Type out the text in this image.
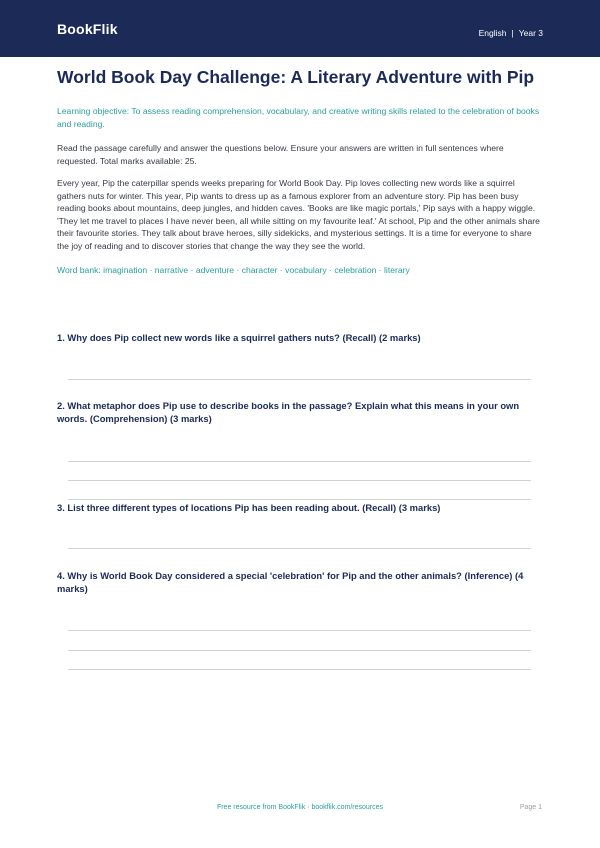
BookFlik	English | Year 3
World Book Day Challenge: A Literary Adventure with Pip

Learning objective: To assess reading comprehension, vocabulary, and creative writing skills related to the celebration of books and reading.

Read the passage carefully and answer the questions below. Ensure your answers are written in full sentences where requested. Total marks available: 25.

Every year, Pip the caterpillar spends weeks preparing for World Book Day. Pip loves collecting new words like a squirrel gathers nuts for winter. This year, Pip wants to dress up as a famous explorer from an adventure story. Pip has been busy reading books about mountains, deep jungles, and hidden caves. 'Books are like magic portals,' Pip says with a happy wiggle. 'They let me travel to places I have never been, all while sitting on my favourite leaf.' At school, Pip and the other animals share their favourite stories. They talk about brave heroes, silly sidekicks, and mysterious settings. It is a time for everyone to share the joy of reading and to discover stories that change the way they see the world.

Word bank: imagination · narrative · adventure · character · vocabulary · celebration · literary

1. Why does Pip collect new words like a squirrel gathers nuts? (Recall) (2 marks)

2. What metaphor does Pip use to describe books in the passage? Explain what this means in your own words. (Comprehension) (3 marks)

3. List three different types of locations Pip has been reading about. (Recall) (3 marks)

4. Why is World Book Day considered a special 'celebration' for Pip and the other animals? (Inference) (4 marks)

Free resource from BookFlik · bookflik.com/resources	Page 1
